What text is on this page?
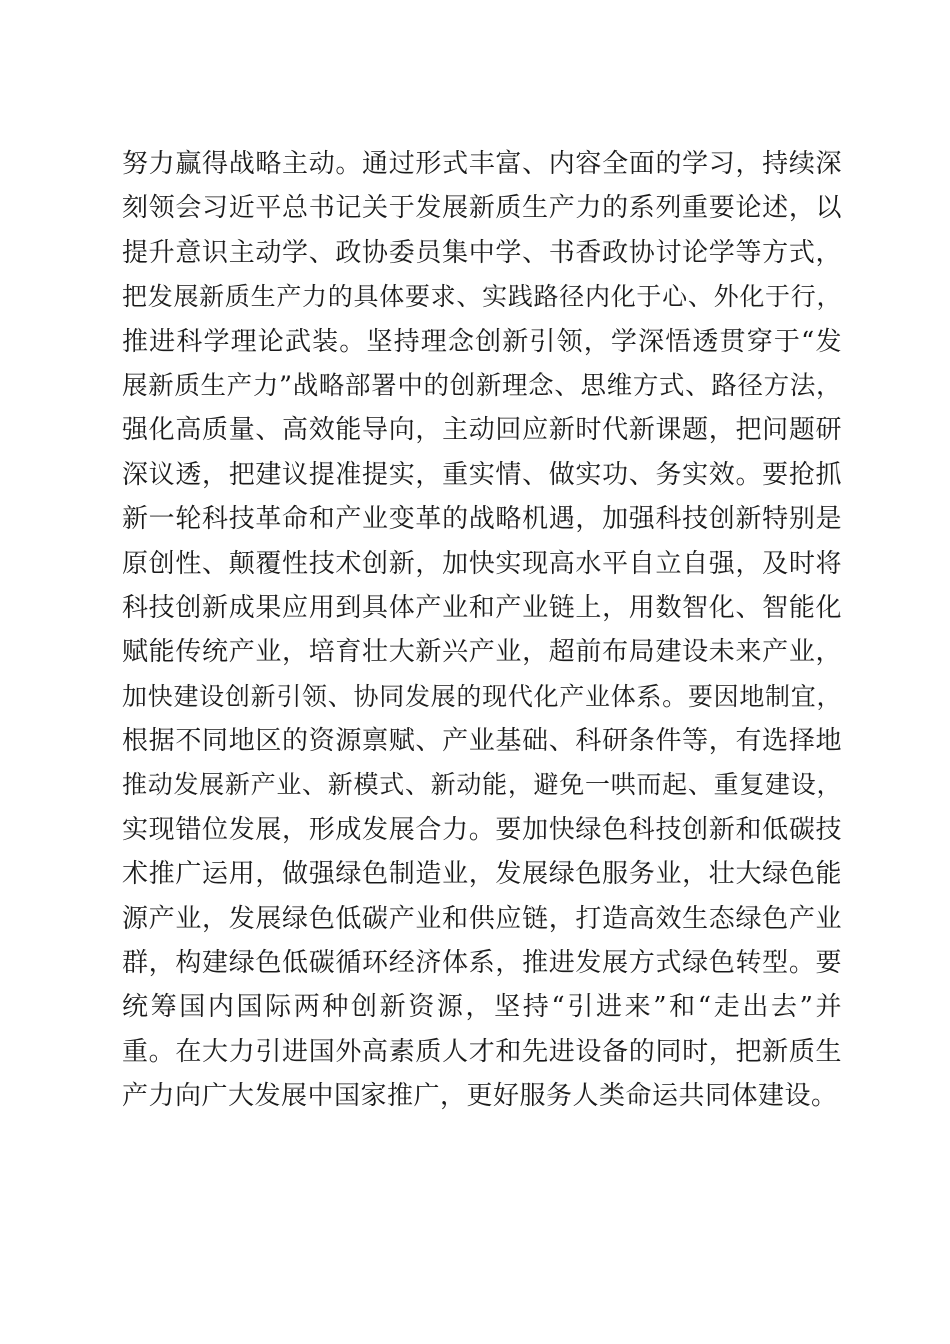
努力赢得战略主动。通过形式丰富、内容全面的学习，持续深
刻领会习近平总书记关于发展新质生产力的系列重要论述，以
提升意识主动学、政协委员集中学、书香政协讨论学等方式，
把发展新质生产力的具体要求、实践路径内化于心、外化于行，
推进科学理论武装。坚持理念创新引领，学深悟透贯穿于“发
展新质生产力”战略部署中的创新理念、思维方式、路径方法，
强化高质量、高效能导向，主动回应新时代新课题，把问题研
深议透，把建议提准提实，重实情、做实功、务实效。要抢抓
新一轮科技革命和产业变革的战略机遇，加强科技创新特别是
原创性、颠覆性技术创新，加快实现高水平自立自强，及时将
科技创新成果应用到具体产业和产业链上，用数智化、智能化
赋能传统产业，培育壮大新兴产业，超前布局建设未来产业，
加快建设创新引领、协同发展的现代化产业体系。要因地制宜，
根据不同地区的资源禀赋、产业基础、科研条件等，有选择地
推动发展新产业、新模式、新动能，避免一哄而起、重复建设，
实现错位发展，形成发展合力。要加快绿色科技创新和低碳技
术推广运用，做强绿色制造业，发展绿色服务业，壮大绿色能
源产业，发展绿色低碳产业和供应链，打造高效生态绿色产业
群，构建绿色低碳循环经济体系，推进发展方式绿色转型。要
统筹国内国际两种创新资源，坚持“引进来”和“走出去”并
重。在大力引进国外高素质人才和先进设备的同时，把新质生
产力向广大发展中国家推广，更好服务人类命运共同体建设。
